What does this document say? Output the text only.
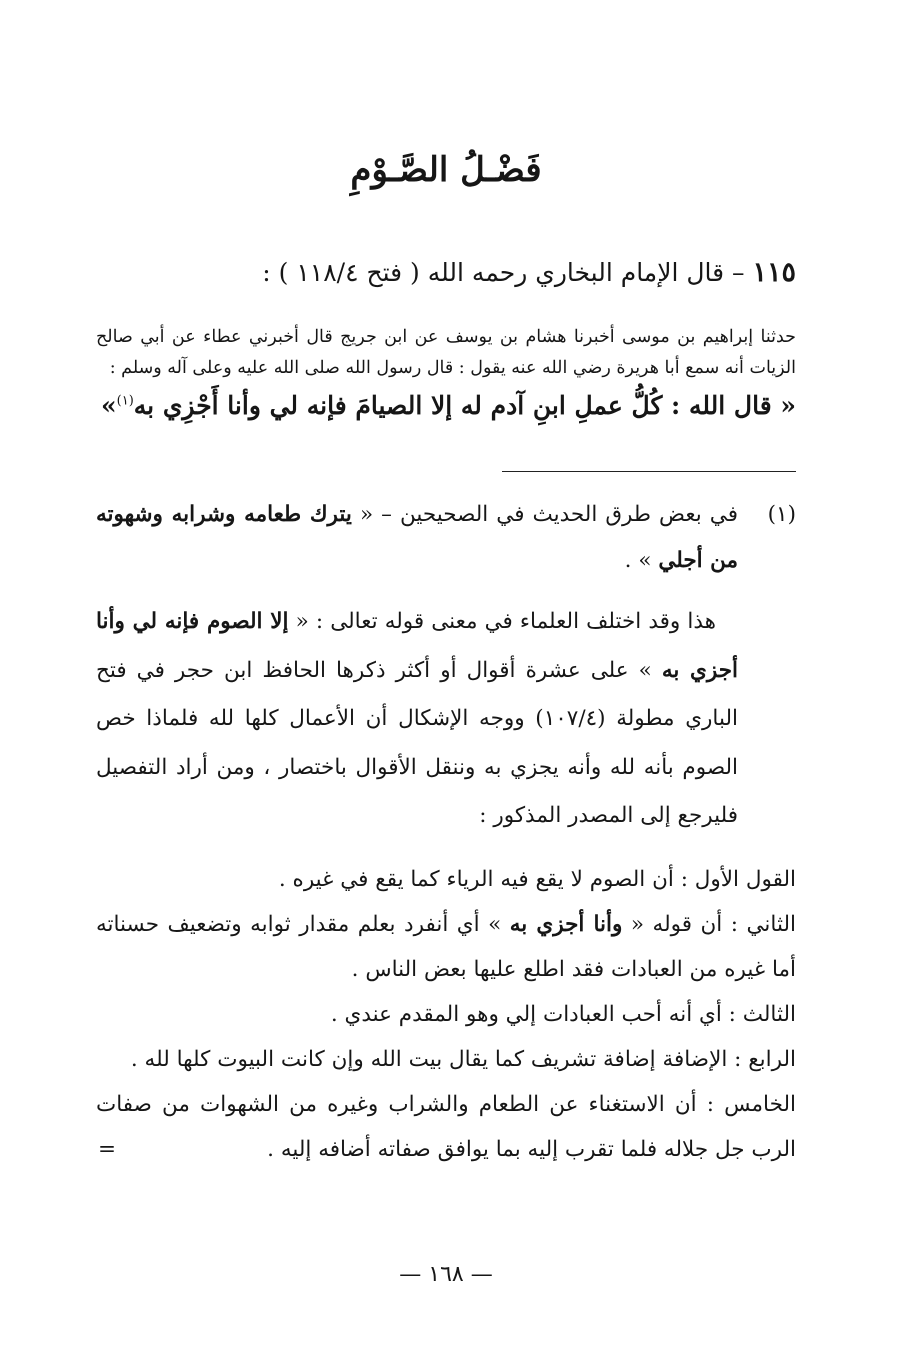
فَضْـلُ الصَّـوْمِ

١١٥ – قال الإمام البخاري رحمه الله ( فتح ١١٨/٤ ) :

حدثنا إبراهيم بن موسى أخبرنا هشام بن يوسف عن ابن جريج قال أخبرني عطاء عن أبي صالح الزيات أنه سمع أبا هريرة رضي الله عنه يقول : قال رسول الله صلى الله عليه وعلى آله وسلم :

« قال الله : كُلُّ عملِ ابنِ آدم له إلا الصيامَ فإنه لي وأنا أَجْزِي به$^{(١)}$»

(١)
في بعض طرق الحديث في الصحيحين – « يترك طعامه وشرابه وشهوته من أجلي » .

هذا وقد اختلف العلماء في معنى قوله تعالى : « إلا الصوم فإنه لي وأنا أجزي به » على عشرة أقوال أو أكثر ذكرها الحافظ ابن حجر في فتح الباري مطولة (١٠٧/٤) ووجه الإشكال أن الأعمال كلها لله فلماذا خص الصوم بأنه لله وأنه يجزي به وننقل الأقوال باختصار ، ومن أراد التفصيل فليرجع إلى المصدر المذكور :

القول الأول : أن الصوم لا يقع فيه الرياء كما يقع في غيره .
الثاني : أن قوله « وأنا أجزي به » أي أنفرد بعلم مقدار ثوابه وتضعيف حسناته أما غيره من العبادات فقد اطلع عليها بعض الناس .
الثالث : أي أنه أحب العبادات إلي وهو المقدم عندي .
الرابع : الإضافة إضافة تشريف كما يقال بيت الله وإن كانت البيوت كلها لله .
الخامس : أن الاستغناء عن الطعام والشراب وغيره من الشهوات من صفات الرب جل جلاله فلما تقرب إليه بما يوافق صفاته أضافه إليه .
=

— ١٦٨ —
